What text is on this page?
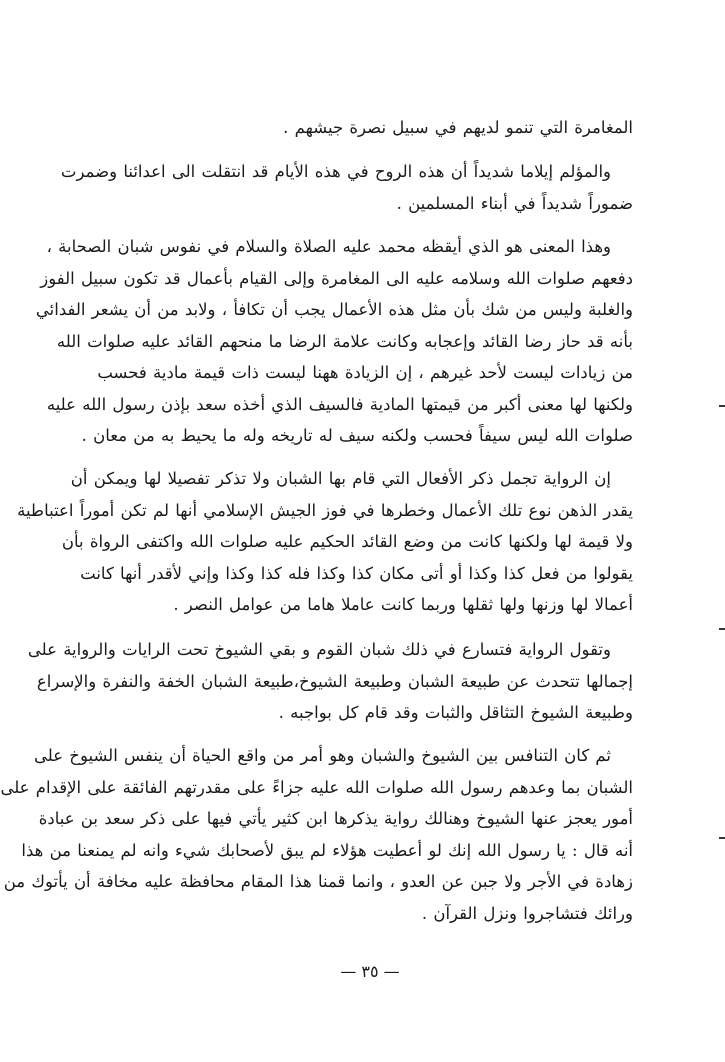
المغامرة التي تنمو لديهم في سبيل نصرة جيشهم .
والمؤلم إيلاما شديداً أن هذه الروح في هذه الأيام قد انتقلت الى اعدائنا وضمرت
ضموراً شديداً في أبناء المسلمين .
وهذا المعنى هو الذي أيقظه محمد عليه الصلاة والسلام في نفوس شبان الصحابة ،
دفعهم صلوات الله وسلامه عليه الى المغامرة وإلى القيام بأعمال قد تكون سبيل الفوز
والغلبة وليس من شك بأن مثل هذه الأعمال يجب أن تكافأ ، ولابد من أن يشعر الفدائي
بأنه قد حاز رضا القائد وإعجابه وكانت علامة الرضا ما منحهم القائد عليه صلوات الله
من زيادات ليست لأحد غيرهم ، إن الزيادة ههنا ليست ذات قيمة مادية فحسب
ولكنها لها معنى أكبر من قيمتها المادية فالسيف الذي أخذه سعد بإذن رسول الله عليه
صلوات الله ليس سيفاً فحسب ولكنه سيف له تاريخه وله ما يحيط به من معان .
إن الرواية تجمل ذكر الأفعال التي قام بها الشبان ولا تذكر تفصيلا لها ويمكن أن
يقدر الذهن نوع تلك الأعمال وخطرها في فوز الجيش الإسلامي أنها لم تكن أموراً اعتباطية
ولا قيمة لها ولكنها كانت من وضع القائد الحكيم عليه صلوات الله واكتفى الرواة بأن
يقولوا من فعل كذا وكذا أو أتى مكان كذا وكذا فله كذا وكذا وإني لأقدر أنها كانت
أعمالا لها وزنها ولها ثقلها وربما كانت عاملا هاما من عوامل النصر .
وتقول الرواية فتسارع في ذلك شبان القوم و بقي الشيوخ تحت الرايات والرواية على
إجمالها تتحدث عن طبيعة الشبان وطبيعة الشيوخ،طبيعة الشبان الخفة والنفرة والإسراع
وطبيعة الشيوخ التثاقل والثبات وقد قام كل بواجبه .
ثم كان التنافس بين الشيوخ والشبان وهو أمر من واقع الحياة أن ينفس الشيوخ على
الشبان بما وعدهم رسول الله صلوات الله عليه جزاءً على مقدرتهم الفائقة على الإقدام على
أمور يعجز عنها الشيوخ وهنالك رواية يذكرها ابن كثير يأتي فيها على ذكر سعد بن عبادة
أنه قال : يا رسول الله إنك لو أعطيت هؤلاء لم يبق لأصحابك شيء وانه لم يمنعنا من هذا
زهادة في الأجر ولا جبن عن العدو ، وانما قمنا هذا المقام محافظة عليه مخافة أن يأتوك من
ورائك فتشاجروا ونزل القرآن .
— ٣٥ —
